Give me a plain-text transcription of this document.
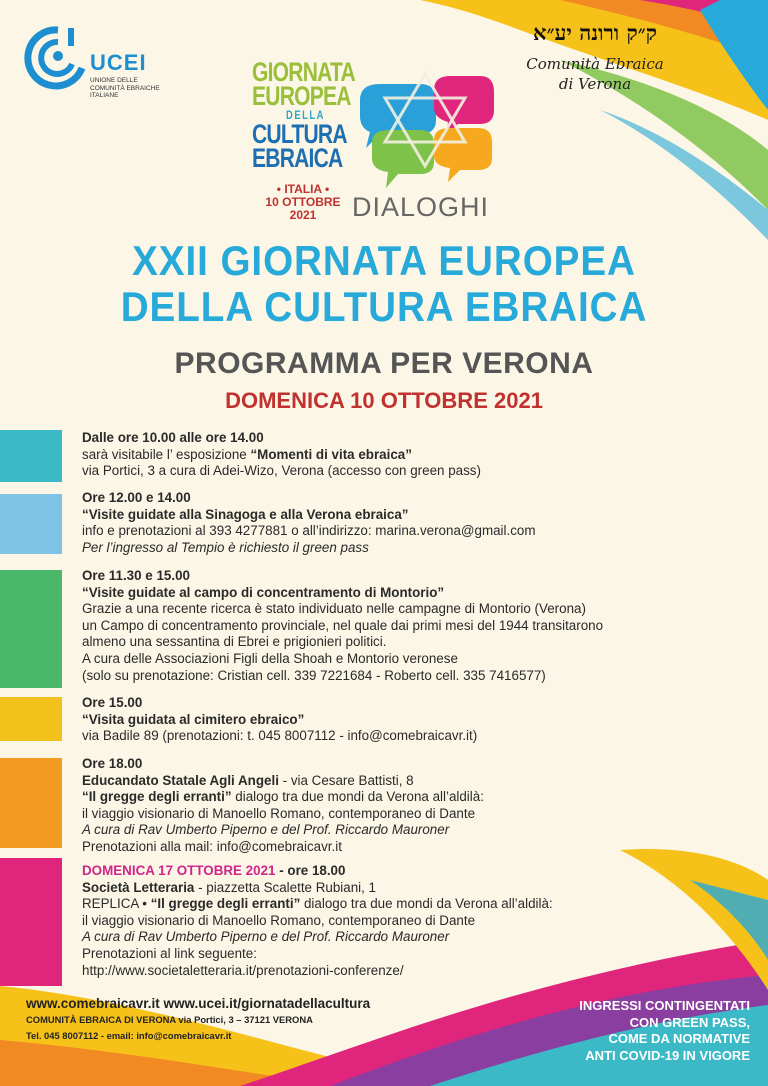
UCEI
UNIONE DELLE
COMUNITÀ EBRAICHE
ITALIANE
ק״ק ורונה יע״א
Comunità Ebraica
di Verona
GIORNATA
EUROPEA
DELLA
CULTURA
EBRAICA
• ITALIA •
10 OTTOBRE
2021	DIALOGHI
XXII GIORNATA EUROPEA
DELLA CULTURA EBRAICA
PROGRAMMA PER VERONA
DOMENICA 10 OTTOBRE 2021
Dalle ore 10.00 alle ore 14.00
sarà visitabile l’ esposizione “Momenti di vita ebraica”
via Portici, 3 a cura di Adei-Wizo, Verona (accesso con green pass)
Ore 12.00 e 14.00
“Visite guidate alla Sinagoga e alla Verona ebraica”
info e prenotazioni al 393 4277881 o all’indirizzo: marina.verona@gmail.com
Per l’ingresso al Tempio è richiesto il green pass
Ore 11.30 e 15.00
“Visite guidate al campo di concentramento di Montorio”
Grazie a una recente ricerca è stato individuato nelle campagne di Montorio (Verona)
un Campo di concentramento provinciale, nel quale dai primi mesi del 1944 transitarono
almeno una sessantina di Ebrei e prigionieri politici.
A cura delle Associazioni Figli della Shoah e Montorio veronese
(solo su prenotazione: Cristian cell. 339 7221684 - Roberto cell. 335 7416577)
Ore 15.00
“Visita guidata al cimitero ebraico”
via Badile 89 (prenotazioni: t. 045 8007112 - info@comebraicavr.it)
Ore 18.00
Educandato Statale Agli Angeli - via Cesare Battisti, 8
“Il gregge degli erranti” dialogo tra due mondi da Verona all’aldilà:
il viaggio visionario di Manoello Romano, contemporaneo di Dante
A cura di Rav Umberto Piperno e del Prof. Riccardo Mauroner
Prenotazioni alla mail: info@comebraicavr.it
DOMENICA 17 OTTOBRE 2021 - ore 18.00
Società Letteraria - piazzetta Scalette Rubiani, 1
REPLICA • “Il gregge degli erranti” dialogo tra due mondi da Verona all’aldilà:
il viaggio visionario di Manoello Romano, contemporaneo di Dante
A cura di Rav Umberto Piperno e del Prof. Riccardo Mauroner
Prenotazioni al link seguente:
http://www.societaletteraria.it/prenotazioni-conferenze/
www.comebraicavr.it www.ucei.it/giornatadellacultura
COMUNITÀ EBRAICA DI VERONA via Portici, 3 – 37121 VERONA
Tel. 045 8007112 - email: info@comebraicavr.it
INGRESSI CONTINGENTATI
CON GREEN PASS,
COME DA NORMATIVE
ANTI COVID-19 IN VIGORE
